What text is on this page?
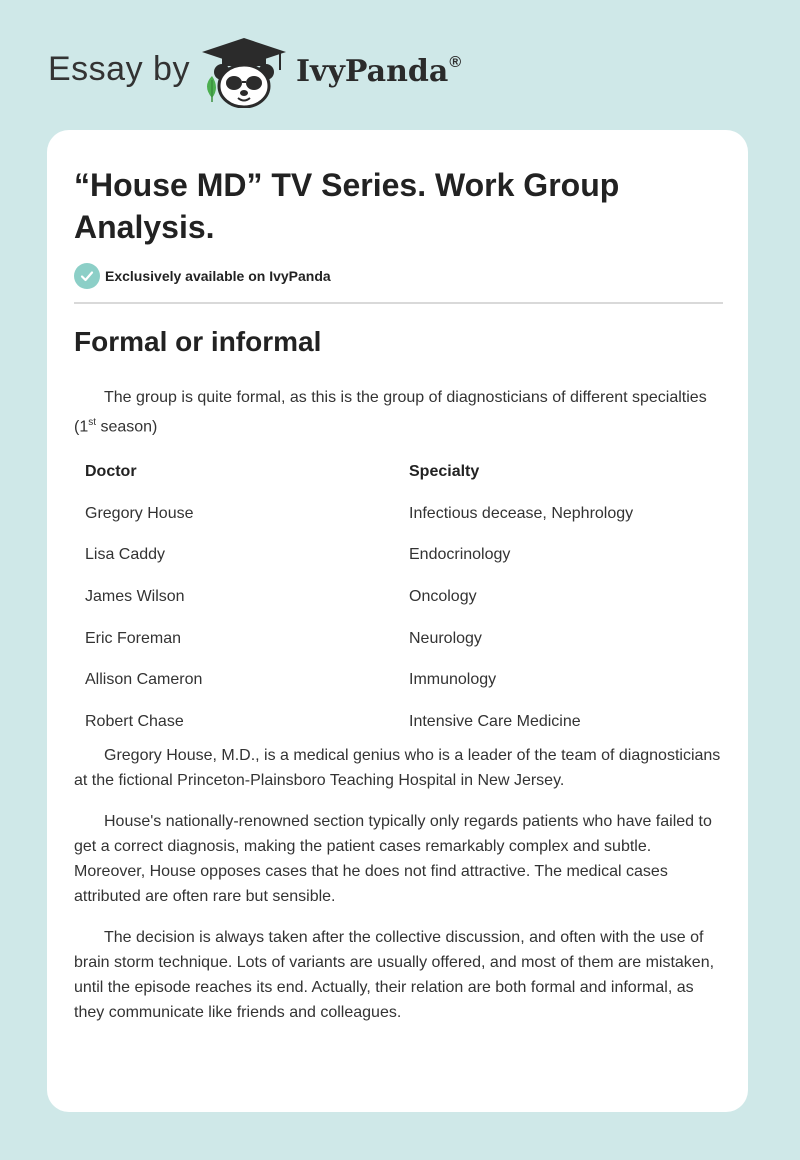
Essay by	IvyPanda®
“House MD” TV Series. Work Group Analysis.
Exclusively available on IvyPanda
Formal or informal

The group is quite formal, as this is the group of diagnosticians of different specialties (1st season)

Doctor	Specialty
Gregory House	Infectious decease, Nephrology
Lisa Caddy	Endocrinology
James Wilson	Oncology
Eric Foreman	Neurology
Allison Cameron	Immunology
Robert Chase	Intensive Care Medicine

Gregory House, M.D., is a medical genius who is a leader of the team of diagnosticians at the fictional Princeton-Plainsboro Teaching Hospital in New Jersey.

House's nationally-renowned section typically only regards patients who have failed to get a correct diagnosis, making the patient cases remarkably complex and subtle. Moreover, House opposes cases that he does not find attractive. The medical cases attributed are often rare but sensible.

The decision is always taken after the collective discussion, and often with the use of brain storm technique. Lots of variants are usually offered, and most of them are mistaken, until the episode reaches its end. Actually, their relation are both formal and informal, as they communicate like friends and colleagues.
